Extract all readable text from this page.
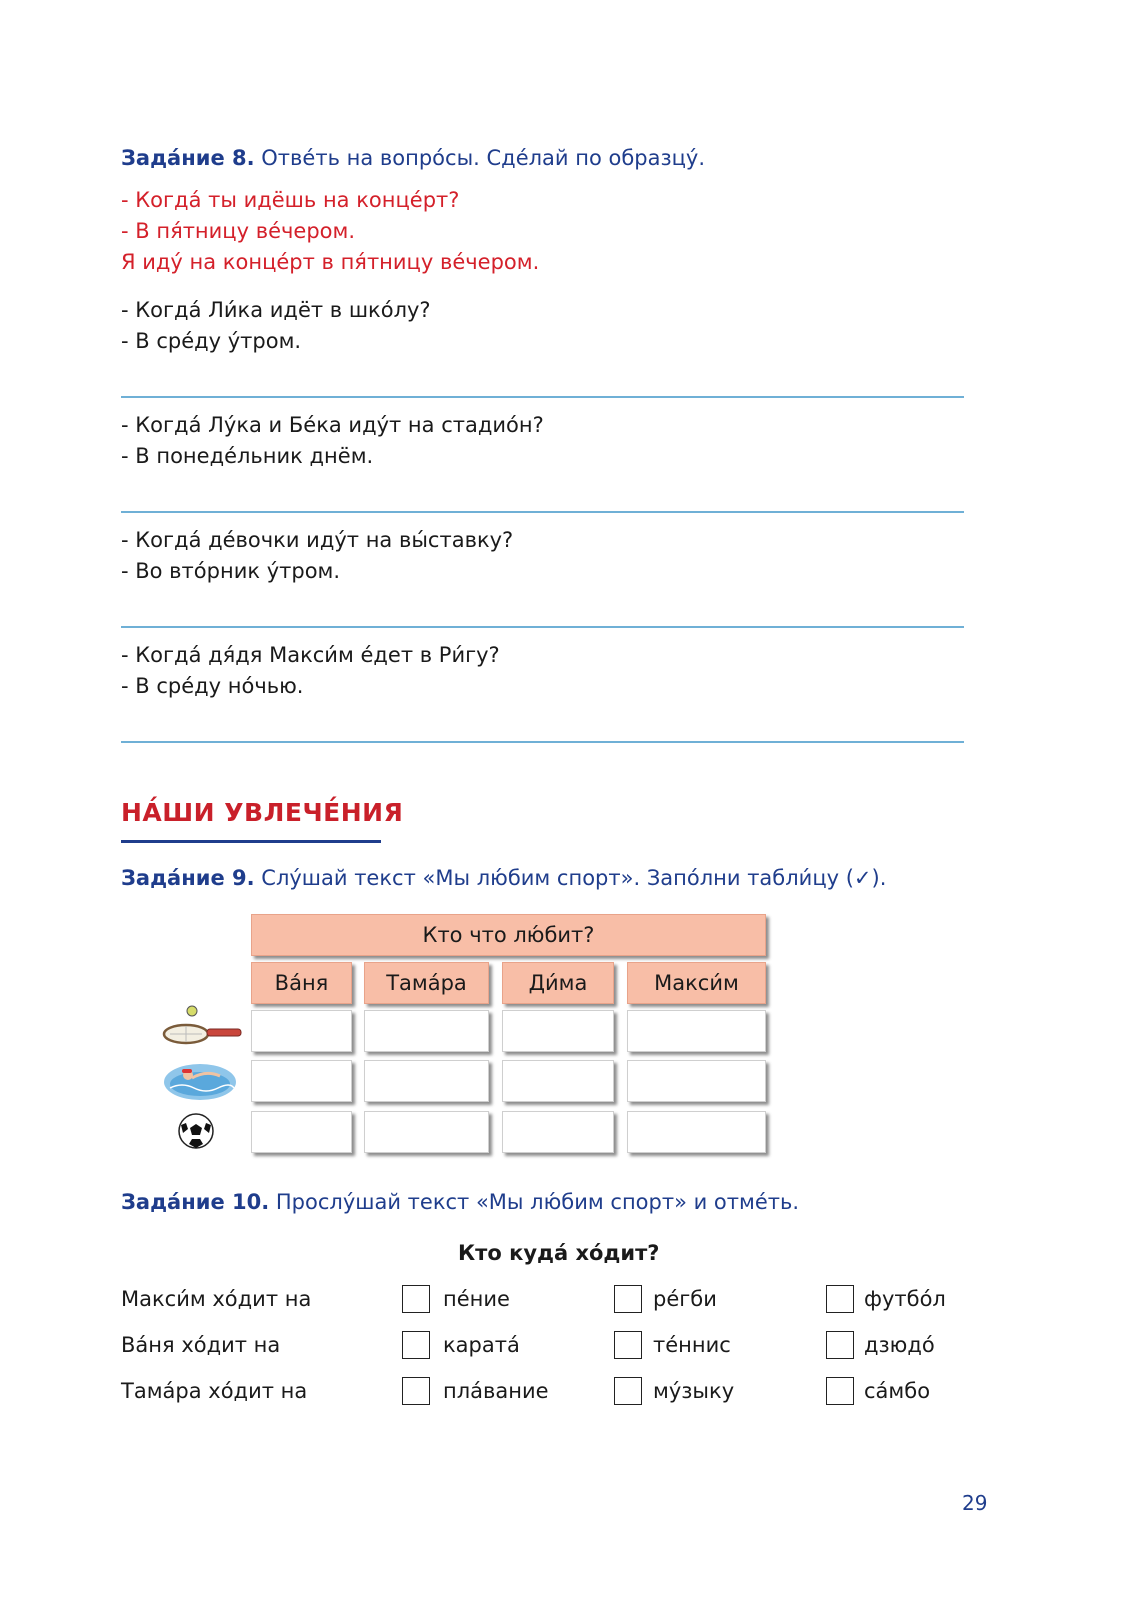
Зада́ние 8. Отве́ть на вопро́сы. Сде́лай по образцу́.
- Когда́ ты идёшь на конце́рт?
- В пя́тницу ве́чером.
Я иду́ на конце́рт в пя́тницу ве́чером.
- Когда́ Ли́ка идёт в шко́лу?
- В сре́ду у́тром.
- Когда́ Лу́ка и Бе́ка иду́т на стадио́н?
- В понеде́льник днём.
- Когда́ де́вочки иду́т на вы́ставку?
- Во вто́рник у́тром.
- Когда́ дя́дя Макси́м е́дет в Ри́гу?
- В сре́ду но́чью.
НА́ШИ УВЛЕЧЕ́НИЯ
Зада́ние 9. Слу́шай текст «Мы лю́бим спорт». Запо́лни табли́цу (✓).
Кто что лю́бит?
Ва́ня	Тама́ра	Ди́ма	Макси́м
Зада́ние 10. Прослу́шай текст «Мы лю́бим спорт» и отме́ть.
Кто куда́ хо́дит?
Макси́м хо́дит на	пе́ние	ре́гби	футбо́л
Ва́ня хо́дит на	карата́	те́ннис	дзюдо́
Тама́ра хо́дит на	пла́вание	му́зыку	са́мбо
29
